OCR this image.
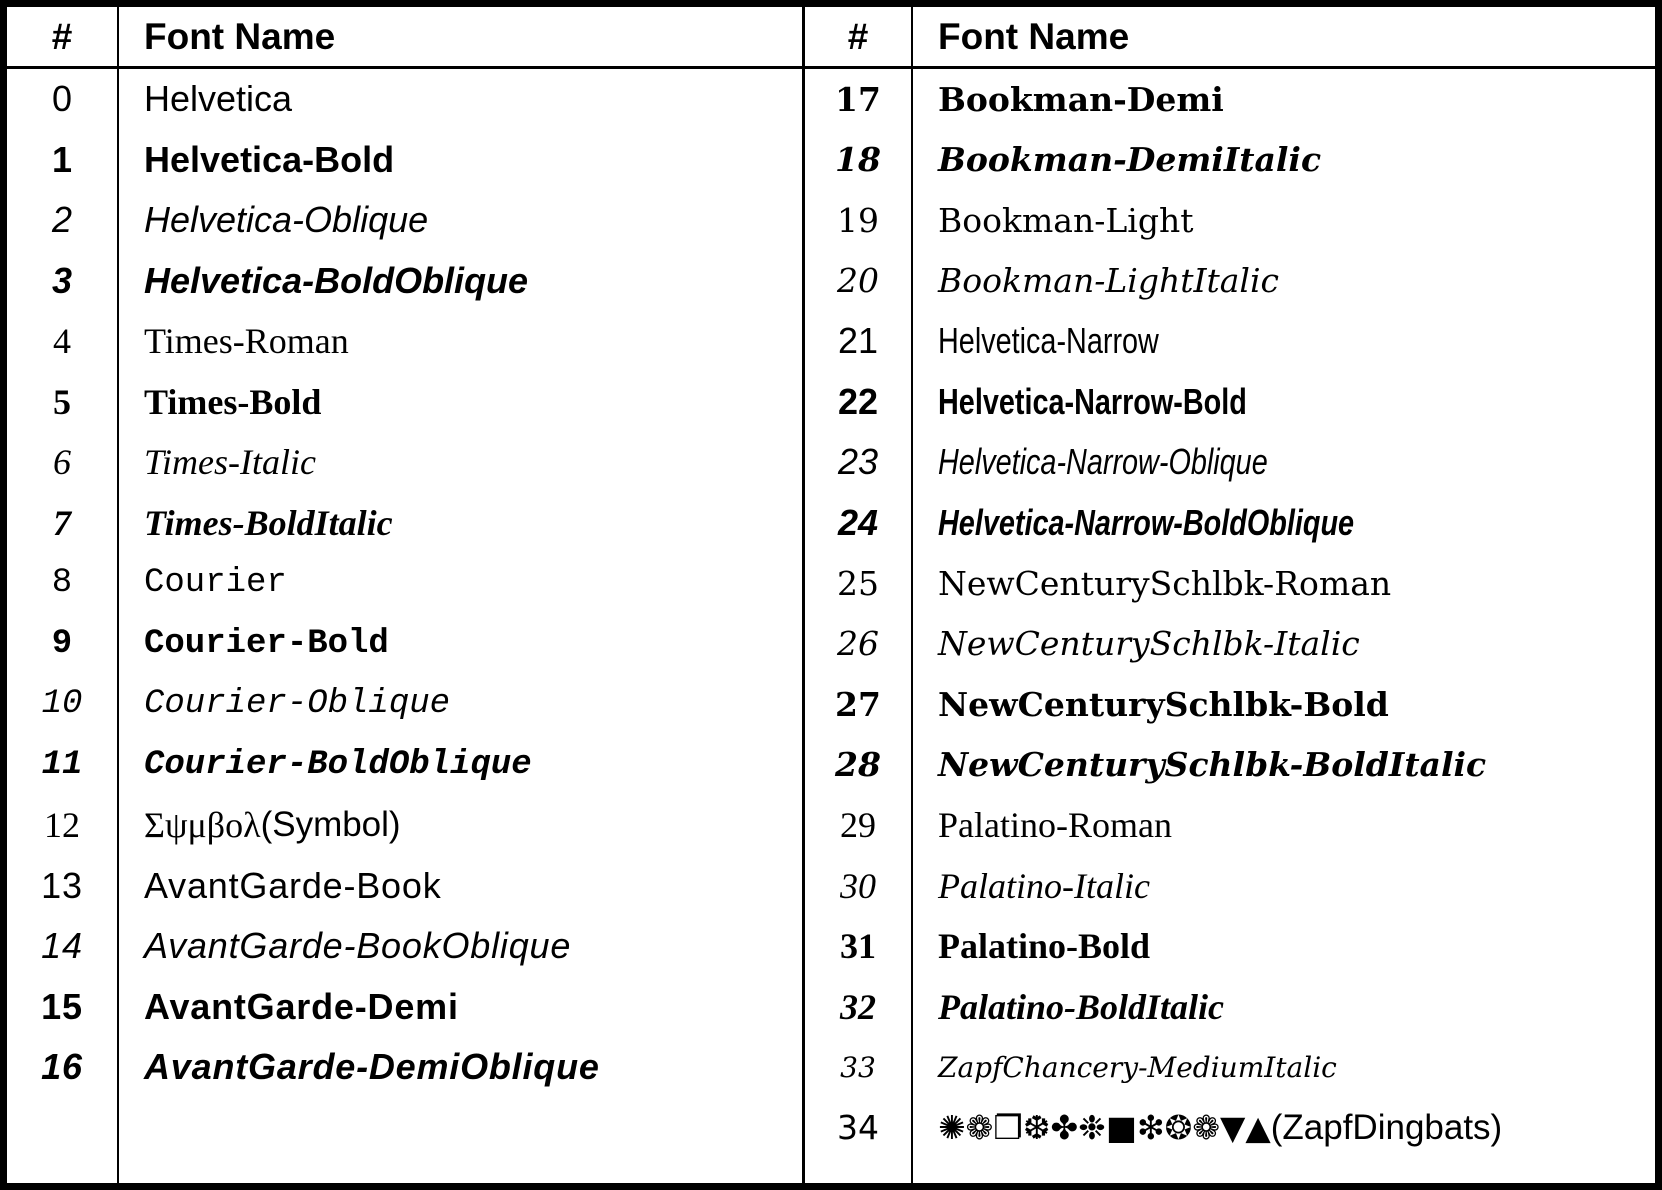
#	Font Name
0	Helvetica
1	Helvetica-Bold
2	Helvetica-Oblique
3	Helvetica-BoldOblique
4	Times-Roman
5	Times-Bold
6	Times-Italic
7	Times-BoldItalic
8	Courier
9	Courier-Bold
10	Courier-Oblique
11	Courier-BoldOblique
12	Σψμβολ (Symbol)
13	AvantGarde-Book
14	AvantGarde-BookOblique
15	AvantGarde-Demi
16	AvantGarde-DemiOblique
#	Font Name
17	Bookman-Demi
18	Bookman-DemiItalic
19	Bookman-Light
20	Bookman-LightItalic
21	Helvetica-Narrow
22	Helvetica-Narrow-Bold
23	Helvetica-Narrow-Oblique
24	Helvetica-Narrow-BoldOblique
25	NewCenturySchlbk-Roman
26	NewCenturySchlbk-Italic
27	NewCenturySchlbk-Bold
28	NewCenturySchlbk-BoldItalic
29	Palatino-Roman
30	Palatino-Italic
31	Palatino-Bold
32	Palatino-BoldItalic
33	ZapfChancery-MediumItalic
34	✺❁❐❆✤❉■❇❂❁▼▲ (ZapfDingbats)
